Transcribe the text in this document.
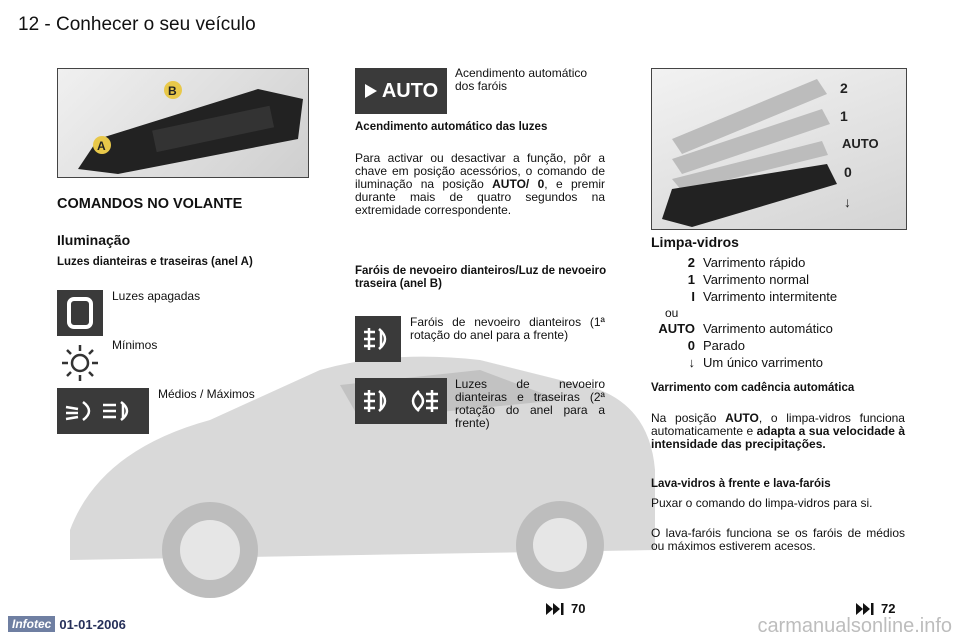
12 - Conhecer o seu veículo
A
B
COMANDOS NO VOLANTE
Iluminação
Luzes dianteiras e traseiras (anel A)
Luzes apagadas
Mínimos
Médios / Máximos
AUTO
Acendimento automático dos faróis
Acendimento automático das luzes
Para activar ou desactivar a função, pôr a chave em posição acessórios, o comando de iluminação na posição AUTO/ 0, e premir durante mais de quatro segundos na extremidade correspondente.
Faróis de nevoeiro dianteiros/Luz de nevoeiro traseira (anel B)
Faróis de nevoeiro dianteiros (1ª rotação do anel para a frente)
Luzes de nevoeiro dianteiras e traseiras (2ª rotação do anel para a frente)
70
2
1
AUTO
0
↓
Limpa-vidros
2 Varrimento rápido
1 Varrimento normal
I Varrimento intermitente
ou
AUTO Varrimento automático
0 Parado
↓ Um único varrimento
Varrimento com cadência automática
Na posição AUTO, o limpa-vidros funciona automaticamente e adapta a sua velocidade à intensidade das precipitações.
Lava-vidros à frente e lava-faróis
Puxar o comando do limpa-vidros para si.
O lava-faróis funciona se os faróis de médios ou máximos estiverem acesos.
72
Infotec 01-01-2006	carmanualsonline.info
